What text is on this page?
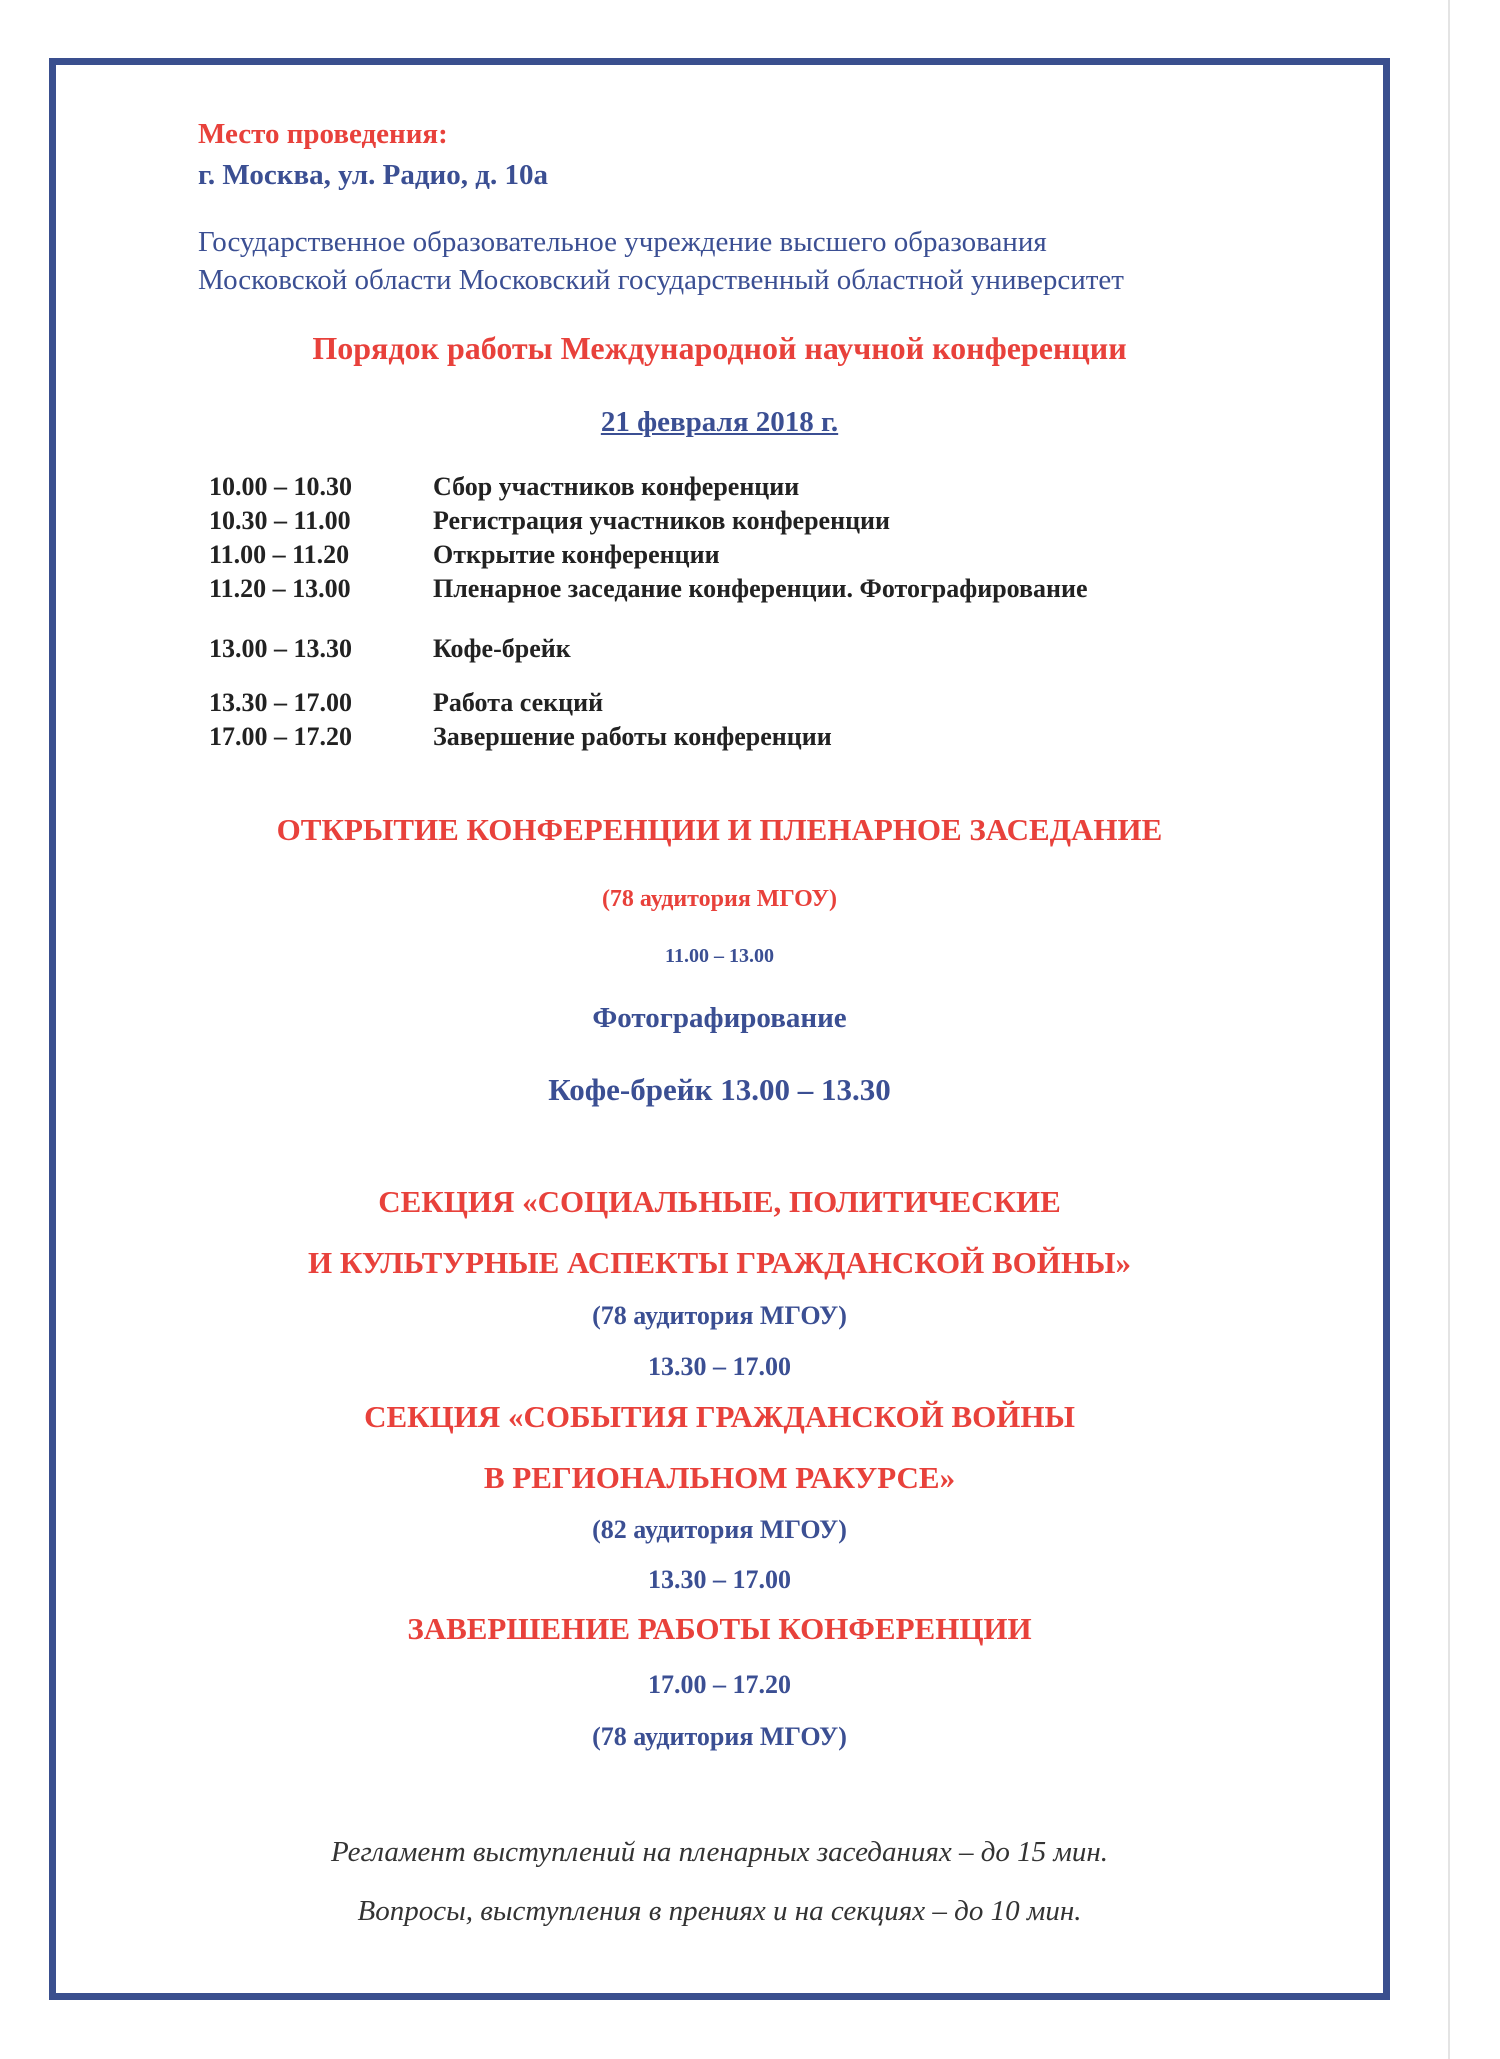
Место проведения:
г. Москва, ул. Радио, д. 10а
Государственное образовательное учреждение высшего образования
Московской области Московский государственный областной университет
Порядок работы Международной научной конференции
21 февраля 2018 г.
10.00 – 10.30	Сбор участников конференции
10.30 – 11.00	Регистрация участников конференции
11.00 – 11.20	Открытие конференции
11.20 – 13.00	Пленарное заседание конференции. Фотографирование
13.00 – 13.30	Кофе-брейк
13.30 – 17.00	Работа секций
17.00 – 17.20	Завершение работы конференции
ОТКРЫТИЕ КОНФЕРЕНЦИИ И ПЛЕНАРНОЕ ЗАСЕДАНИЕ
(78 аудитория МГОУ)
11.00 – 13.00
Фотографирование
Кофе-брейк 13.00 – 13.30
СЕКЦИЯ «СОЦИАЛЬНЫЕ, ПОЛИТИЧЕСКИЕ
И КУЛЬТУРНЫЕ АСПЕКТЫ ГРАЖДАНСКОЙ ВОЙНЫ»
(78 аудитория МГОУ)
13.30 – 17.00
СЕКЦИЯ «СОБЫТИЯ ГРАЖДАНСКОЙ ВОЙНЫ
В РЕГИОНАЛЬНОМ РАКУРСЕ»
(82 аудитория МГОУ)
13.30 – 17.00
ЗАВЕРШЕНИЕ РАБОТЫ КОНФЕРЕНЦИИ
17.00 – 17.20
(78 аудитория МГОУ)
Регламент выступлений на пленарных заседаниях – до 15 мин.
Вопросы, выступления в прениях и на секциях – до 10 мин.
